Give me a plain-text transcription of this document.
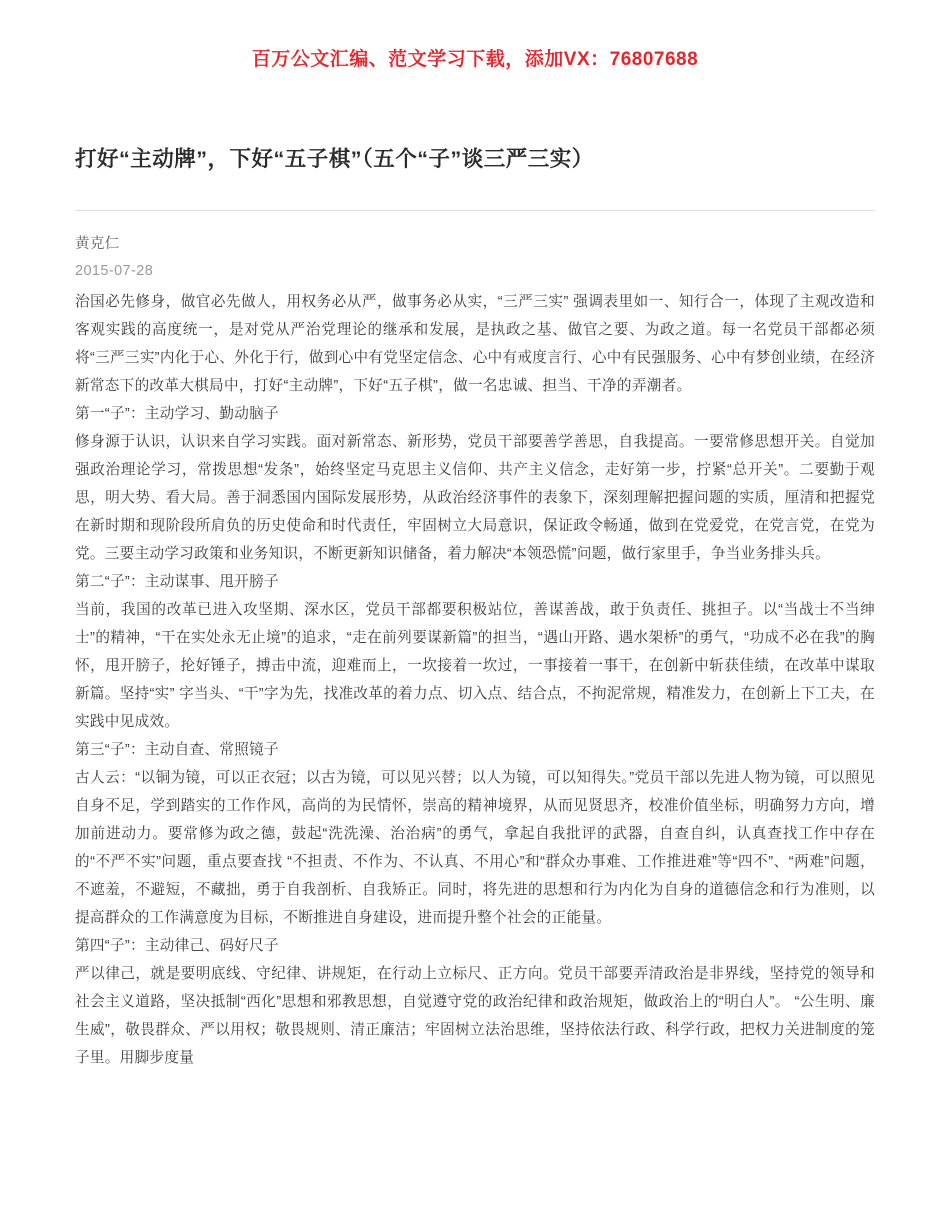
百万公文汇编、范文学习下载，添加VX：76807688
打好“主动牌”，下好“五子棋”（五个“子”谈三严三实）
黄克仁
2015-07-28

治国必先修身，做官必先做人，用权务必从严，做事务必从实，“三严三实” 强调表里如一、知行合一，体现了主观改造和客观实践的高度统一，是对党从严治党理论的继承和发展，是执政之基、做官之要、为政之道。每一名党员干部都必须将“三严三实”内化于心、外化于行，做到心中有党坚定信念、心中有戒度言行、心中有民强服务、心中有梦创业绩，在经济新常态下的改革大棋局中，打好“主动牌”，下好“五子棋”，做一名忠诚、担当、干净的弄潮者。

第一“子”：主动学习、勤动脑子

修身源于认识，认识来自学习实践。面对新常态、新形势，党员干部要善学善思，自我提高。一要常修思想开关。自觉加强政治理论学习，常拨思想“发条”，始终坚定马克思主义信仰、共产主义信念，走好第一步，拧紧“总开关”。二要勤于观思，明大势、看大局。善于洞悉国内国际发展形势，从政治经济事件的表象下，深刻理解把握问题的实质，厘清和把握党在新时期和现阶段所肩负的历史使命和时代责任，牢固树立大局意识，保证政令畅通，做到在党爱党，在党言党，在党为党。三要主动学习政策和业务知识，不断更新知识储备，着力解决“本领恐慌”问题，做行家里手，争当业务排头兵。

第二“子”：主动谋事、甩开膀子

当前，我国的改革已进入攻坚期、深水区，党员干部都要积极站位，善谋善战，敢于负责任、挑担子。以“当战士不当绅士”的精神，“干在实处永无止境”的追求，“走在前列要谋新篇”的担当，“遇山开路、遇水架桥”的勇气，“功成不必在我”的胸怀，甩开膀子，抡好锤子，搏击中流，迎难而上，一坎接着一坎过，一事接着一事干，在创新中斩获佳绩，在改革中谋取新篇。坚持“实” 字当头、“干”字为先，找准改革的着力点、切入点、结合点，不拘泥常规，精准发力，在创新上下工夫，在实践中见成效。

第三“子”：主动自查、常照镜子

古人云：“以铜为镜，可以正衣冠；以古为镜，可以见兴替；以人为镜，可以知得失。”党员干部以先进人物为镜，可以照见自身不足，学到踏实的工作作风，高尚的为民情怀，崇高的精神境界，从而见贤思齐，校准价值坐标，明确努力方向，增加前进动力。要常修为政之德，鼓起“洗洗澡、治治病”的勇气，拿起自我批评的武器，自查自纠，认真查找工作中存在的“不严不实”问题，重点要查找 “不担责、不作为、不认真、不用心”和“群众办事难、工作推进难”等“四不”、“两难”问题，不遮羞，不避短，不藏拙，勇于自我剖析、自我矫正。同时，将先进的思想和行为内化为自身的道德信念和行为准则，以提高群众的工作满意度为目标，不断推进自身建设，进而提升整个社会的正能量。

第四“子”：主动律己、码好尺子

严以律己，就是要明底线、守纪律、讲规矩，在行动上立标尺、正方向。党员干部要弄清政治是非界线，坚持党的领导和社会主义道路，坚决抵制“西化”思想和邪教思想，自觉遵守党的政治纪律和政治规矩，做政治上的“明白人”。 “公生明、廉生威”，敬畏群众、严以用权；敬畏规则、清正廉洁；牢固树立法治思维，坚持依法行政、科学行政，把权力关进制度的笼子里。用脚步度量
